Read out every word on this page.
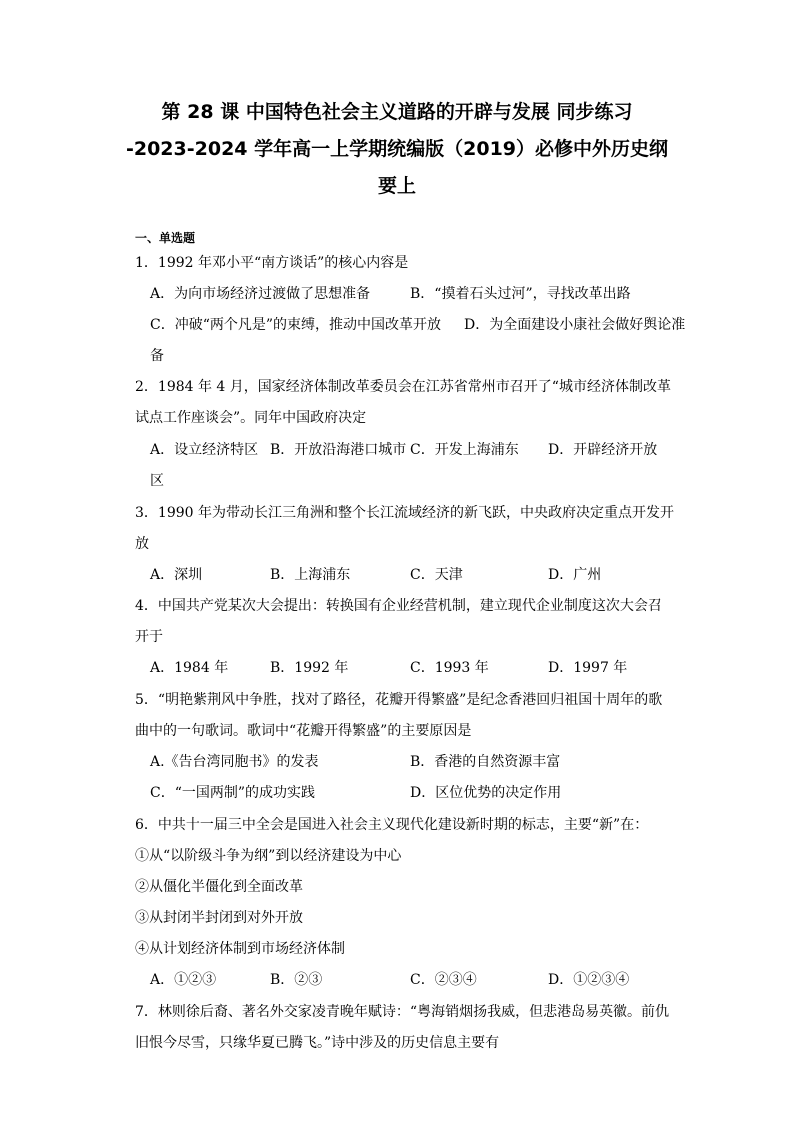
第 28 课 中国特色社会主义道路的开辟与发展 同步练习
-2023-2024 学年高一上学期统编版（2019）必修中外历史纲
要上
一、单选题
1．1992 年邓小平“南方谈话”的核心内容是
A．为向市场经济过渡做了思想准备	B．“摸着石头过河”，寻找改革出路
C．冲破“两个凡是”的束缚，推动中国改革开放 D．为全面建设小康社会做好舆论准
备
2．1984 年 4 月，国家经济体制改革委员会在江苏省常州市召开了“城市经济体制改革
试点工作座谈会”。同年中国政府决定
A．设立经济特区 B．开放沿海港口城市 C．开发上海浦东 D．开辟经济开放
区
3．1990 年为带动长江三角洲和整个长江流域经济的新飞跃，中央政府决定重点开发开
放
A．深圳	B．上海浦东	C．天津	D．广州
4．中国共产党某次大会提出：转换国有企业经营机制，建立现代企业制度这次大会召
开于
A．1984 年	B．1992 年	C．1993 年	D．1997 年
5．“明艳紫荆风中争胜，找对了路径，花瓣开得繁盛”是纪念香港回归祖国十周年的歌
曲中的一句歌词。歌词中“花瓣开得繁盛”的主要原因是
A.《告台湾同胞书》的发表	B．香港的自然资源丰富
C．“一国两制”的成功实践	D．区位优势的决定作用
6．中共十一届三中全会是国进入社会主义现代化建设新时期的标志，主要“新”在：
①从“以阶级斗争为纲”到以经济建设为中心
②从僵化半僵化到全面改革
③从封闭半封闭到对外开放
④从计划经济体制到市场经济体制
A．①②③	B．②③	C．②③④	D．①②③④
7．林则徐后裔、著名外交家凌青晚年赋诗：“粤海销烟扬我威，但悲港岛易英徽。前仇
旧恨今尽雪，只缘华夏已腾飞。”诗中涉及的历史信息主要有
